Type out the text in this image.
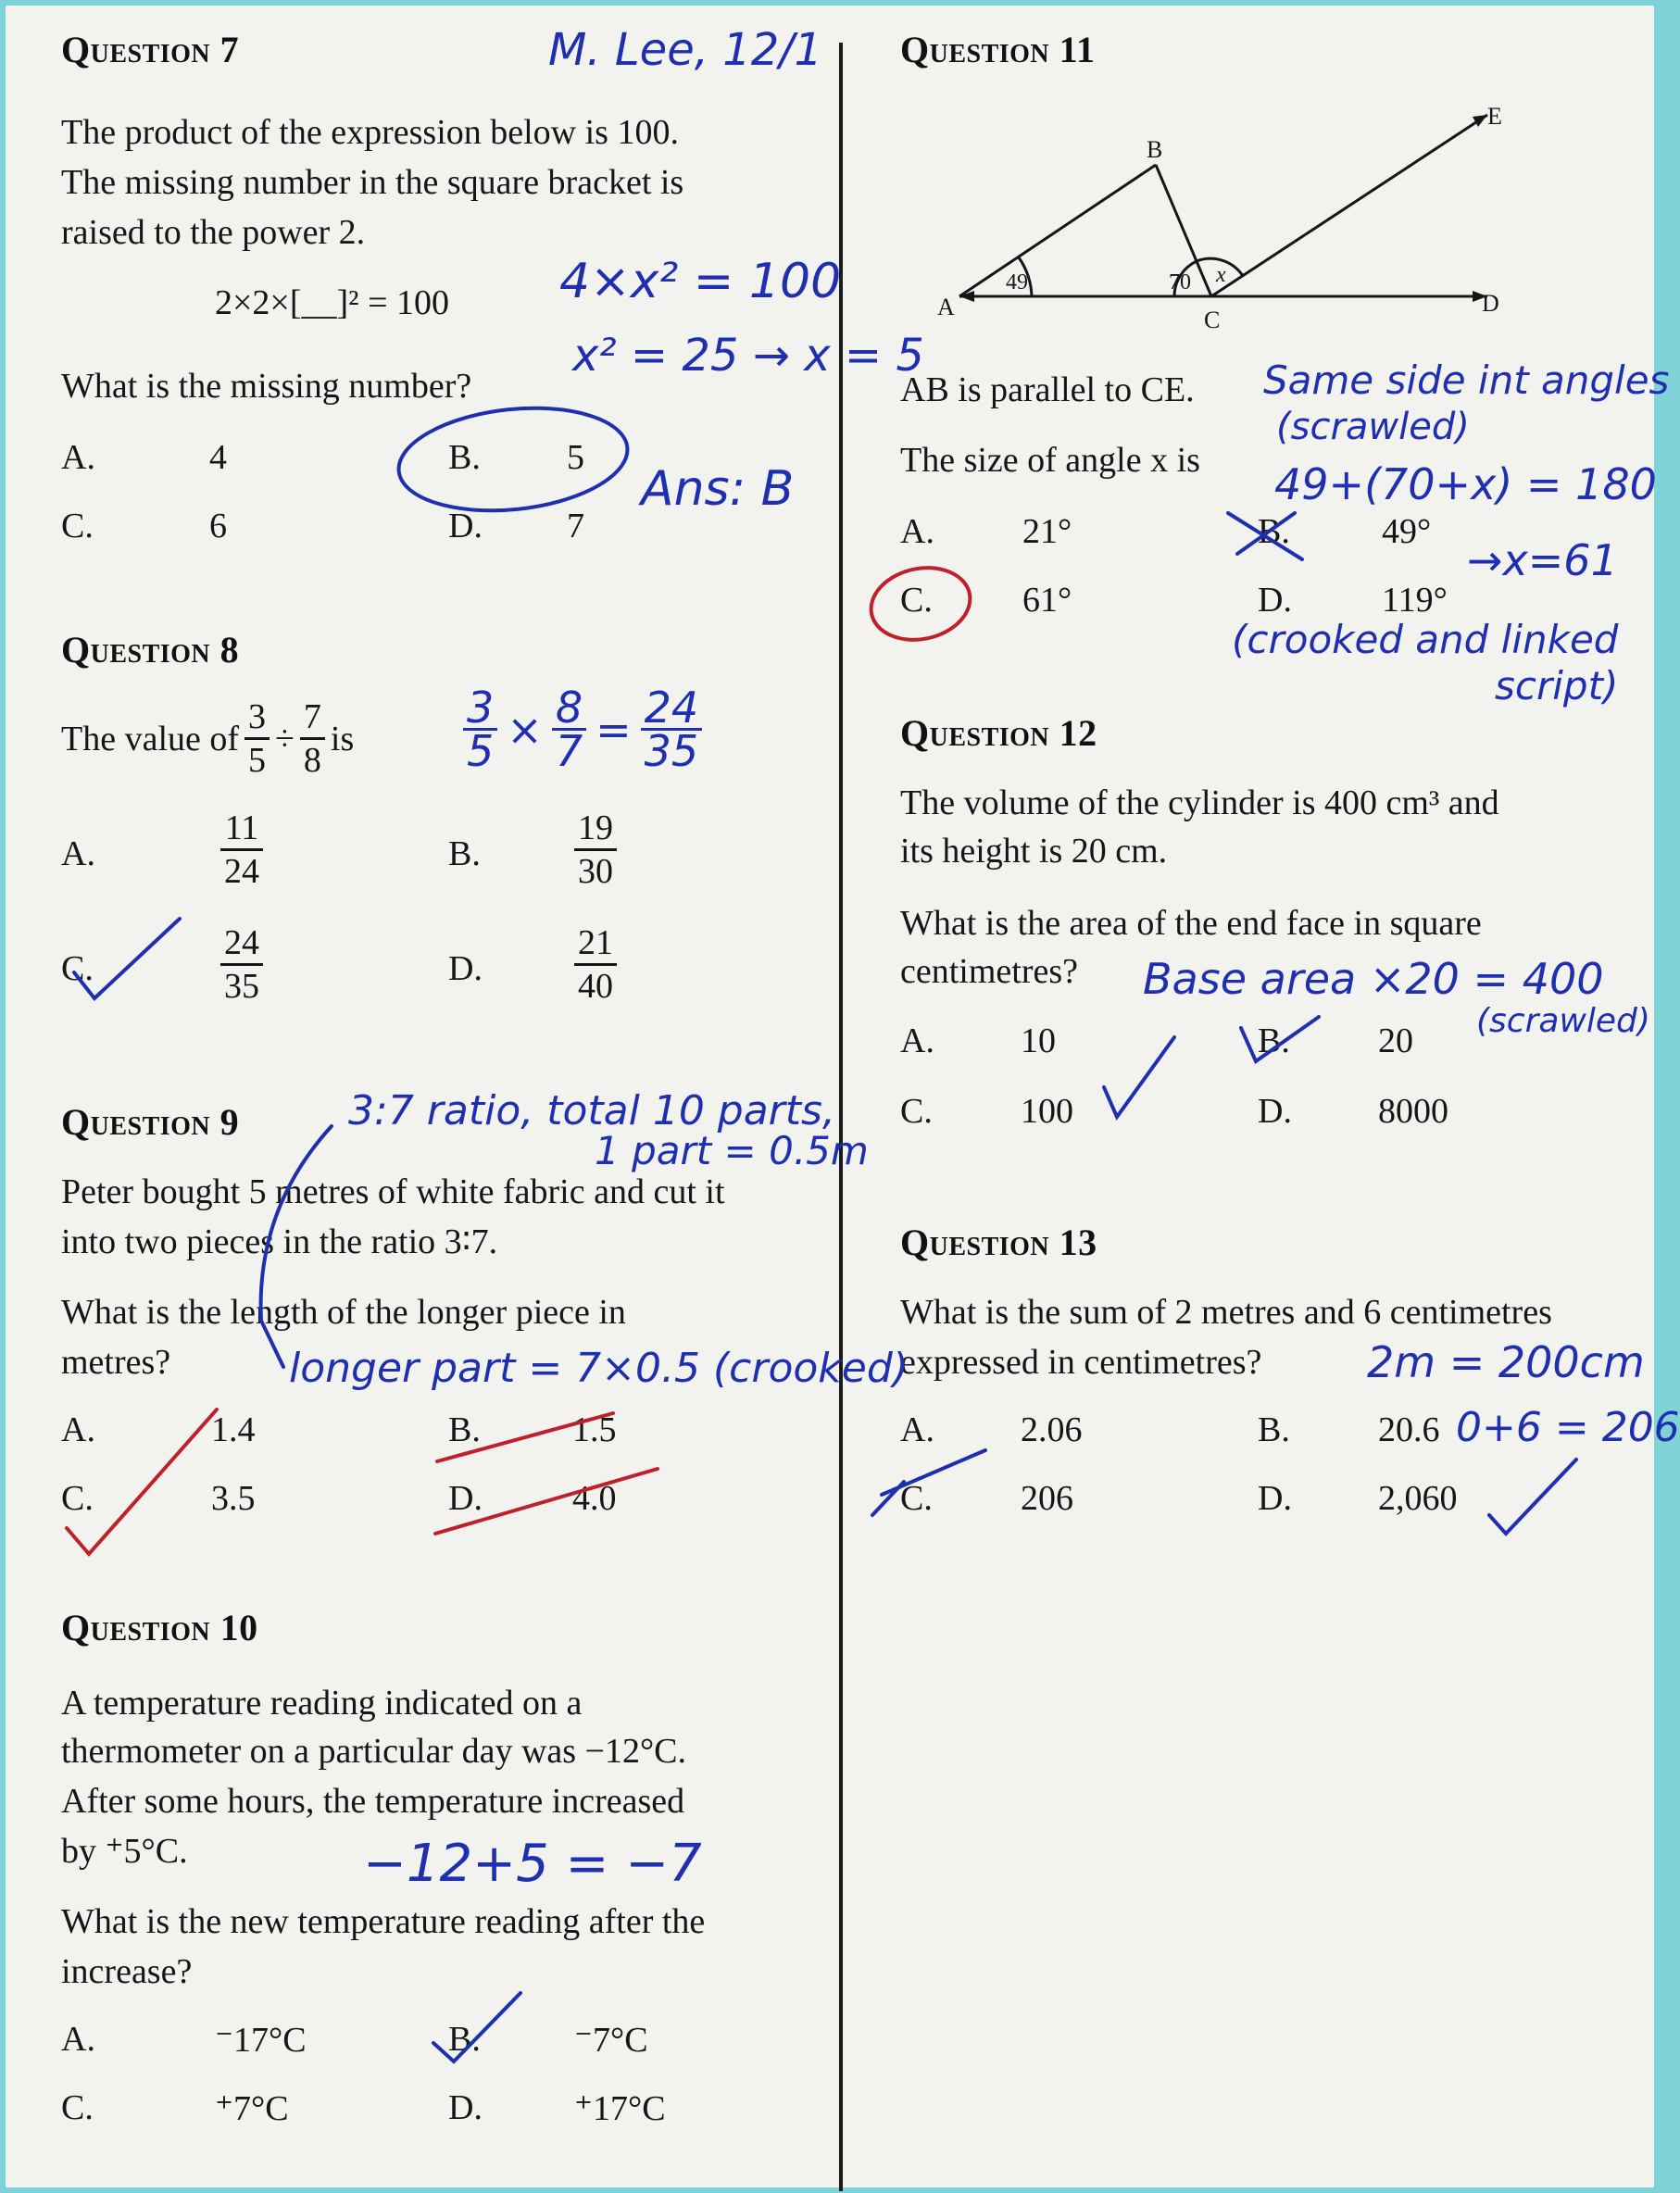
Question 7
The product of the expression below is 100.
The missing number in the square bracket is
raised to the power 2.
2×2×[__]² = 100
What is the missing number?
A.	4	B. 5
C.	6	D. 7
Question 8
The value of $\frac{3}{5} \div \frac{7}{8}$ is
A.	$\frac{11}{24}$	B.	$\frac{19}{30}$
C.	$\frac{24}{35}$	D.	$\frac{21}{40}$
Question 9
Peter bought 5 metres of white fabric and cut it
into two pieces in the ratio 3∶7.
What is the length of the longer piece in
metres?
A.	1.4	B.	1.5
C.	3.5	D.	4.0
Question 10
A temperature reading indicated on a
thermometer on a particular day was −12°C.
After some hours, the temperature increased
by ⁺5°C.
What is the new temperature reading after the
increase?
A.	⁻17°C	B.	⁻7°C
C.	⁺7°C	D.	⁺17°C
Question 11
A
B
C
D
E
49	70 x
AB is parallel to CE.
The size of angle x is
A.	21°	B.	49°
C.	61°	D.	119°
Question 12
The volume of the cylinder is 400 cm³ and
its height is 20 cm.
What is the area of the end face in square
centimetres?
A. 10	B.	20
C.	100	D. 8000
Question 13
What is the sum of 2 metres and 6 centimetres
expressed in centimetres?
A. 2.06	B.	20.6
C.	206	D. 2,060
M. Lee, 12/1
4×x² = 100
x² = 25 → x = 5
Ans: B
$\frac{3}{5} \times \frac{8}{7} = \frac{24}{35}$
3:7 ratio, total 10 parts,
1 part = 0.5m
longer part = 7×0.5 (crooked)
−12+5 = −7
Same side int angles
(scrawled)
49+(70+x) = 180
→x=61
(crooked and linked
script)
Base area ×20 = 400
(scrawled)
2m = 200cm
0+6 = 206
